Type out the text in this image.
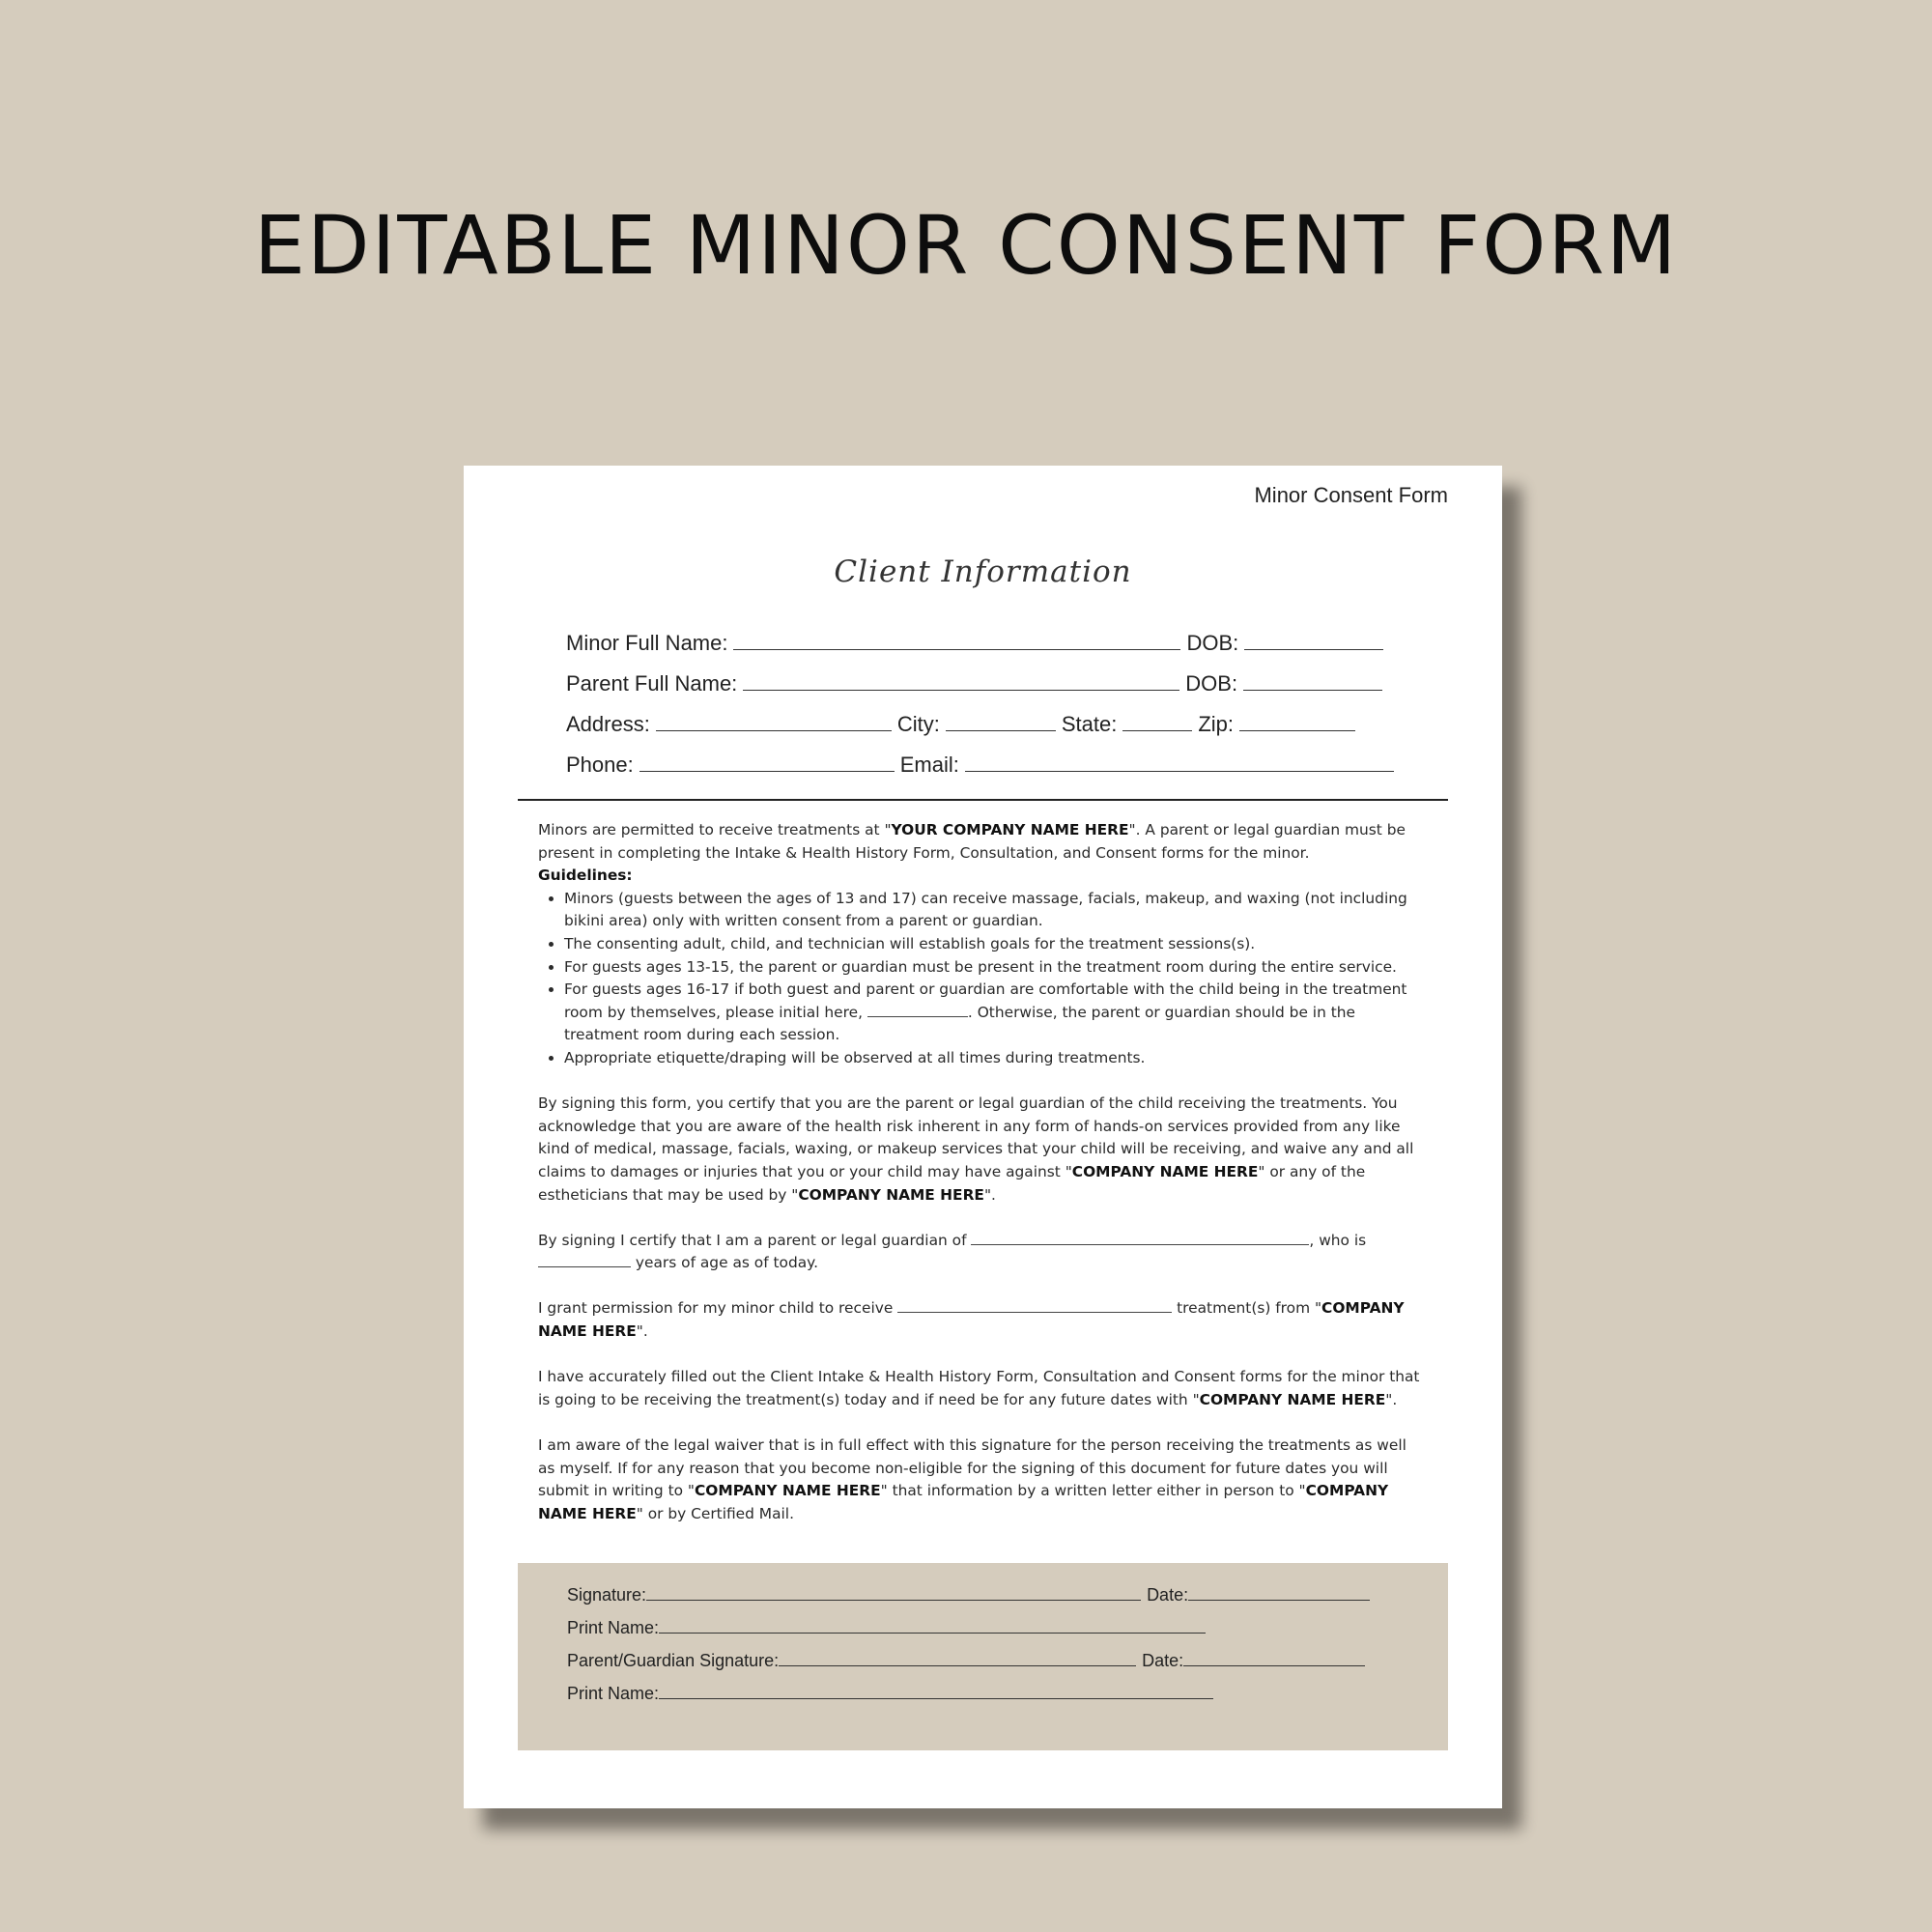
EDITABLE MINOR CONSENT FORM
Minor Consent Form
Client Information
Minor Full Name:	DOB:
Parent Full Name:	DOB:
Address:	City:	State:	Zip:
Phone:	Email:

Minors are permitted to receive treatments at "YOUR COMPANY NAME HERE". A parent or legal guardian must be present in completing the Intake & Health History Form, Consultation, and Consent forms for the minor.
Guidelines:

• Minors (guests between the ages of 13 and 17) can receive massage, facials, makeup, and waxing (not including bikini area) only with written consent from a parent or guardian.
• The consenting adult, child, and technician will establish goals for the treatment sessions(s).
• For guests ages 13-15, the parent or guardian must be present in the treatment room during the entire service.
• For guests ages 16-17 if both guest and parent or guardian are comfortable with the child being in the treatment room by themselves, please initial here,	. Otherwise, the parent or guardian should be in the treatment room during each session.
• Appropriate etiquette/draping will be observed at all times during treatments.

By signing this form, you certify that you are the parent or legal guardian of the child receiving the treatments. You acknowledge that you are aware of the health risk inherent in any form of hands-on services provided from any like kind of medical, massage, facials, waxing, or makeup services that your child will be receiving, and waive any and all claims to damages or injuries that you or your child may have against "COMPANY NAME HERE" or any of the estheticians that may be used by "COMPANY NAME HERE".

By signing I certify that I am a parent or legal guardian of	, who is
years of age as of today.

I grant permission for my minor child to receive	treatment(s) from "COMPANY NAME HERE".

I have accurately filled out the Client Intake & Health History Form, Consultation and Consent forms for the minor that is going to be receiving the treatment(s) today and if need be for any future dates with "COMPANY NAME HERE".

I am aware of the legal waiver that is in full effect with this signature for the person receiving the treatments as well as myself. If for any reason that you become non-eligible for the signing of this document for future dates you will submit in writing to "COMPANY NAME HERE" that information by a written letter either in person to "COMPANY NAME HERE" or by Certified Mail.

Signature:	Date:
Print Name:
Parent/Guardian Signature:	Date:
Print Name:
